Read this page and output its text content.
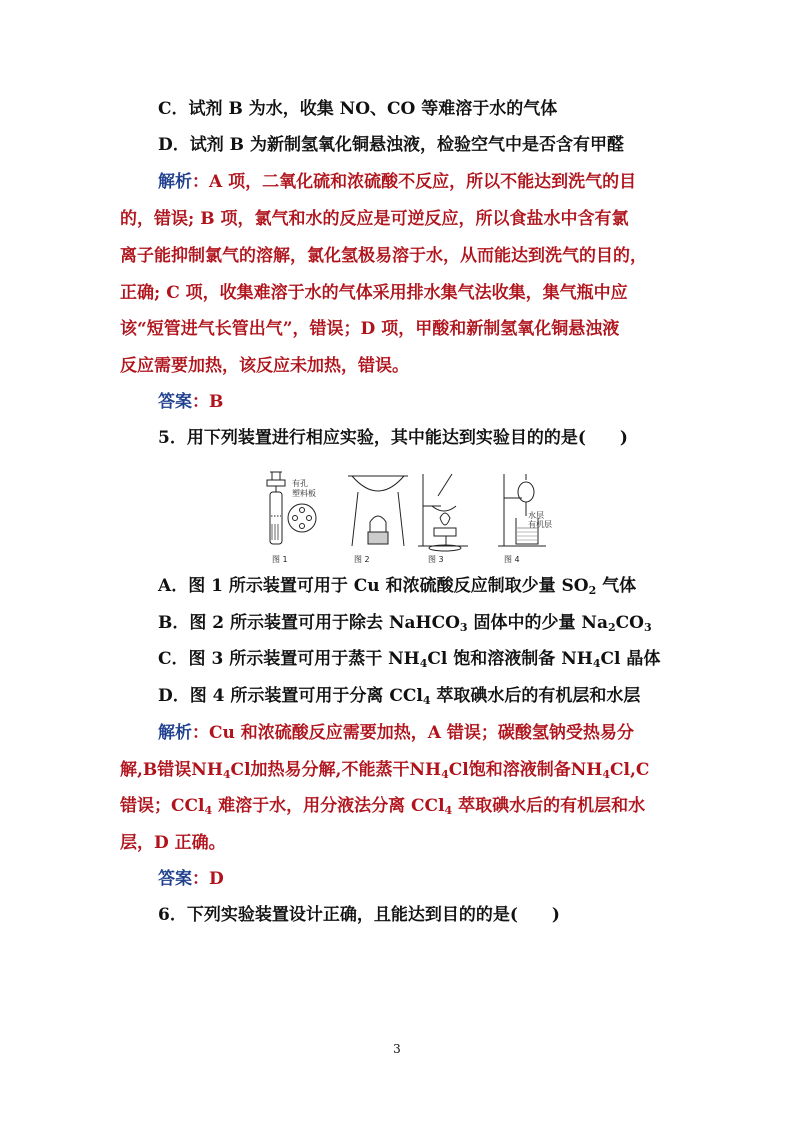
C．试剂 B 为水，收集 NO、CO 等难溶于水的气体
D．试剂 B 为新制氢氧化铜悬浊液，检验空气中是否含有甲醛
解析：A 项，二氧化硫和浓硫酸不反应，所以不能达到洗气的目
的，错误; B 项，氯气和水的反应是可逆反应，所以食盐水中含有氯
离子能抑制氯气的溶解，氯化氢极易溶于水，从而能达到洗气的目的，
正确; C 项，收集难溶于水的气体采用排水集气法收集，集气瓶中应
该“短管进气长管出气”，错误；D 项，甲酸和新制氢氧化铜悬浊液
反应需要加热，该反应未加热，错误。
答案：B
5．用下列装置进行相应实验，其中能达到实验目的的是(　　)
有孔
塑料板
水层
有机层
图 1	图 2	图 3	图 4
A．图 1 所示装置可用于 Cu 和浓硫酸反应制取少量 $SO_2$ 气体
B．图 2 所示装置可用于除去 NaHCO$_3$ 固体中的少量 $Na_2CO_3$
C．图 3 所示装置可用于蒸干 $NH_4Cl$ 饱和溶液制备 $NH_4Cl$ 晶体
D．图 4 所示装置可用于分离 CCl$_4$ 萃取碘水后的有机层和水层
解析：Cu 和浓硫酸反应需要加热，A 错误；碳酸氢钠受热易分
解,B错误$NH_4Cl$加热易分解,不能蒸干$NH_4Cl$饱和溶液制备$NH_4Cl,C$
错误；CCl$_4$ 难溶于水，用分液法分离 CCl$_4$ 萃取碘水后的有机层和水
层，D 正确。
答案：D
6．下列实验装置设计正确，且能达到目的的是(　　)
3
